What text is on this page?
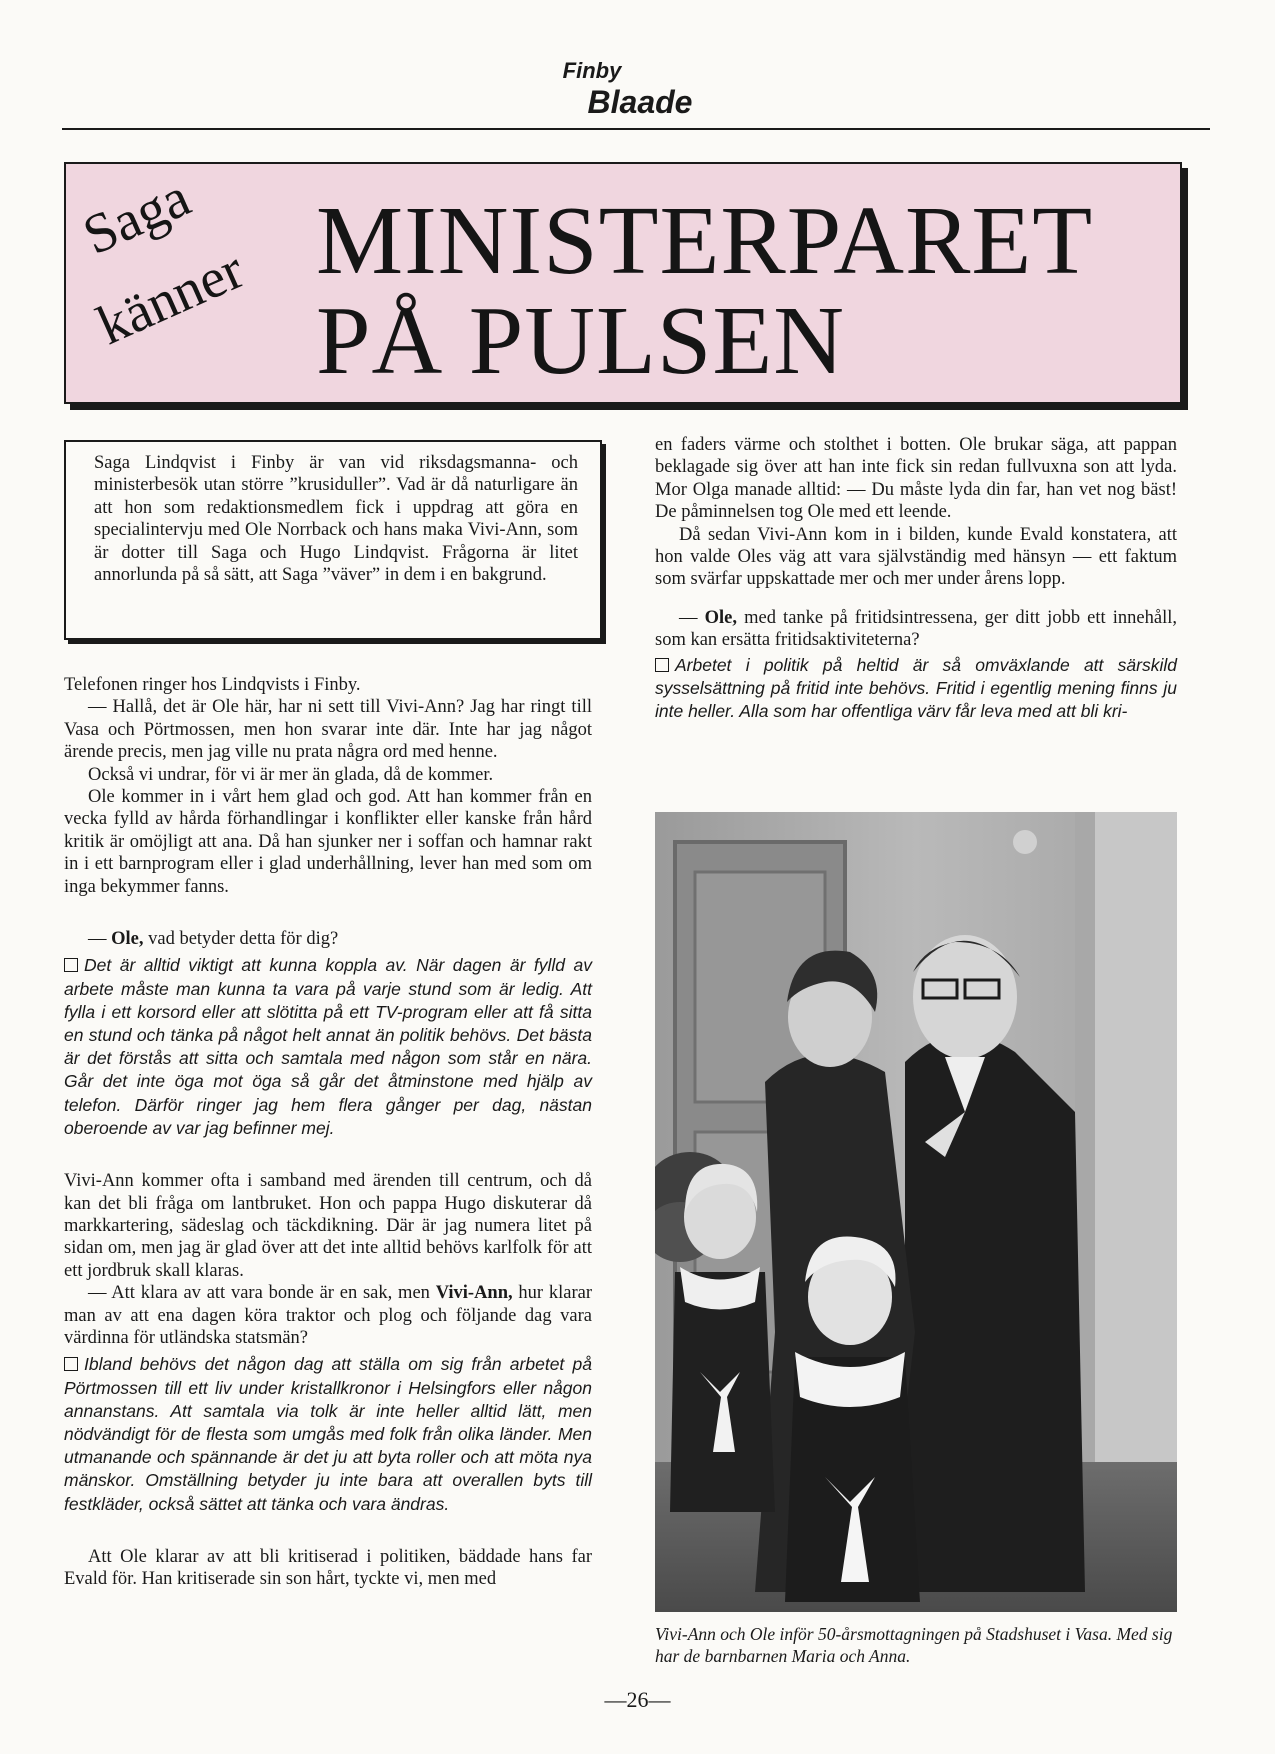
Finby
Blaade
Saga
känner MINISTERPARET
PÅ PULSEN
Saga Lindqvist i Finby är van vid riksdagsmanna- och ministerbesök utan större ”krusiduller”. Vad är då naturligare än att hon som redaktionsmedlem fick i uppdrag att göra en specialintervju med Ole Norrback och hans maka Vivi-Ann, som är dotter till Saga och Hugo Lindqvist. Frågorna är litet annorlunda på så sätt, att Saga ”väver” in dem i en bakgrund.

Telefonen ringer hos Lindqvists i Finby.

— Hallå, det är Ole här, har ni sett till Vivi-Ann? Jag har ringt till Vasa och Pörtmossen, men hon svarar inte där. Inte har jag något ärende precis, men jag ville nu prata några ord med henne.

Också vi undrar, för vi är mer än glada, då de kommer.

Ole kommer in i vårt hem glad och god. Att han kommer från en vecka fylld av hårda förhandlingar i konflikter eller kanske från hård kritik är omöjligt att ana. Då han sjunker ner i soffan och hamnar rakt in i ett barnprogram eller i glad underhållning, lever han med som om inga bekymmer fanns.

— Ole, vad betyder detta för dig?

Det är alltid viktigt att kunna koppla av. När dagen är fylld av arbete måste man kunna ta vara på varje stund som är ledig. Att fylla i ett korsord eller att slötitta på ett TV-program eller att få sitta en stund och tänka på något helt annat än politik behövs. Det bästa är det förstås att sitta och samtala med någon som står en nära. Går det inte öga mot öga så går det åtminstone med hjälp av telefon. Därför ringer jag hem flera gånger per dag, nästan oberoende av var jag befinner mej.

Vivi-Ann kommer ofta i samband med ärenden till centrum, och då kan det bli fråga om lantbruket. Hon och pappa Hugo diskuterar då markkartering, sädeslag och täckdikning. Där är jag numera litet på sidan om, men jag är glad över att det inte alltid behövs karlfolk för att ett jordbruk skall klaras.

— Att klara av att vara bonde är en sak, men Vivi-Ann, hur klarar man av att ena dagen köra traktor och plog och följande dag vara värdinna för utländska statsmän?

Ibland behövs det någon dag att ställa om sig från arbetet på Pörtmossen till ett liv under kristallkronor i Helsingfors eller någon annanstans. Att samtala via tolk är inte heller alltid lätt, men nödvändigt för de flesta som umgås med folk från olika länder. Men utmanande och spännande är det ju att byta roller och att möta nya mänskor. Omställning betyder ju inte bara att overallen byts till festkläder, också sättet att tänka och vara ändras.

Att Ole klarar av att bli kritiserad i politiken, bäddade hans far Evald för. Han kritiserade sin son hårt, tyckte vi, men med

en faders värme och stolthet i botten. Ole brukar säga, att pappan beklagade sig över att han inte fick sin redan fullvuxna son att lyda. Mor Olga manade alltid: — Du måste lyda din far, han vet nog bäst! De påminnelsen tog Ole med ett leende.

Då sedan Vivi-Ann kom in i bilden, kunde Evald konstatera, att hon valde Oles väg att vara självständig med hänsyn — ett faktum som svärfar uppskattade mer och mer under årens lopp.

— Ole, med tanke på fritidsintressena, ger ditt jobb ett innehåll, som kan ersätta fritidsaktiviteterna?

Arbetet i politik på heltid är så omväxlande att särskild sysselsättning på fritid inte behövs. Fritid i egentlig mening finns ju inte heller. Alla som har offentliga värv får leva med att bli kri-

Vivi-Ann och Ole inför 50-årsmottagningen på Stadshuset i Vasa. Med sig har de barnbarnen Maria och Anna.
—26—
